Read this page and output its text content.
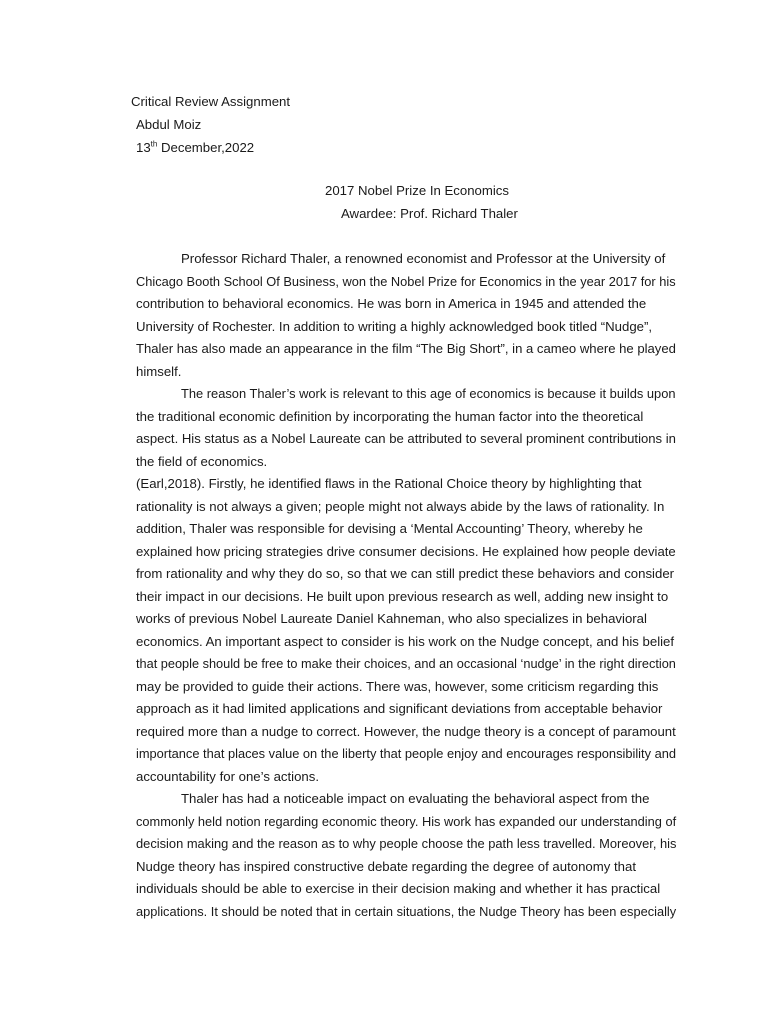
Critical Review Assignment
Abdul Moiz
13th December,2022
2017 Nobel Prize In Economics
Awardee: Prof. Richard Thaler
Professor Richard Thaler, a renowned economist and Professor at the University of
Chicago Booth School Of Business, won the Nobel Prize for Economics in the year 2017 for his
contribution to behavioral economics. He was born in America in 1945 and attended the
University of Rochester. In addition to writing a highly acknowledged book titled “Nudge”,
Thaler has also made an appearance in the film “The Big Short”, in a cameo where he played
himself.
The reason Thaler’s work is relevant to this age of economics is because it builds upon
the traditional economic definition by incorporating the human factor into the theoretical
aspect. His status as a Nobel Laureate can be attributed to several prominent contributions in
the field of economics.
(Earl,2018). Firstly, he identified flaws in the Rational Choice theory by highlighting that
rationality is not always a given; people might not always abide by the laws of rationality. In
addition, Thaler was responsible for devising a ‘Mental Accounting’ Theory, whereby he
explained how pricing strategies drive consumer decisions. He explained how people deviate
from rationality and why they do so, so that we can still predict these behaviors and consider
their impact in our decisions. He built upon previous research as well, adding new insight to
works of previous Nobel Laureate Daniel Kahneman, who also specializes in behavioral
economics. An important aspect to consider is his work on the Nudge concept, and his belief
that people should be free to make their choices, and an occasional ‘nudge’ in the right direction
may be provided to guide their actions. There was, however, some criticism regarding this
approach as it had limited applications and significant deviations from acceptable behavior
required more than a nudge to correct. However, the nudge theory is a concept of paramount
importance that places value on the liberty that people enjoy and encourages responsibility and
accountability for one’s actions.
Thaler has had a noticeable impact on evaluating the behavioral aspect from the
commonly held notion regarding economic theory. His work has expanded our understanding of
decision making and the reason as to why people choose the path less travelled. Moreover, his
Nudge theory has inspired constructive debate regarding the degree of autonomy that
individuals should be able to exercise in their decision making and whether it has practical
applications. It should be noted that in certain situations, the Nudge Theory has been especially
